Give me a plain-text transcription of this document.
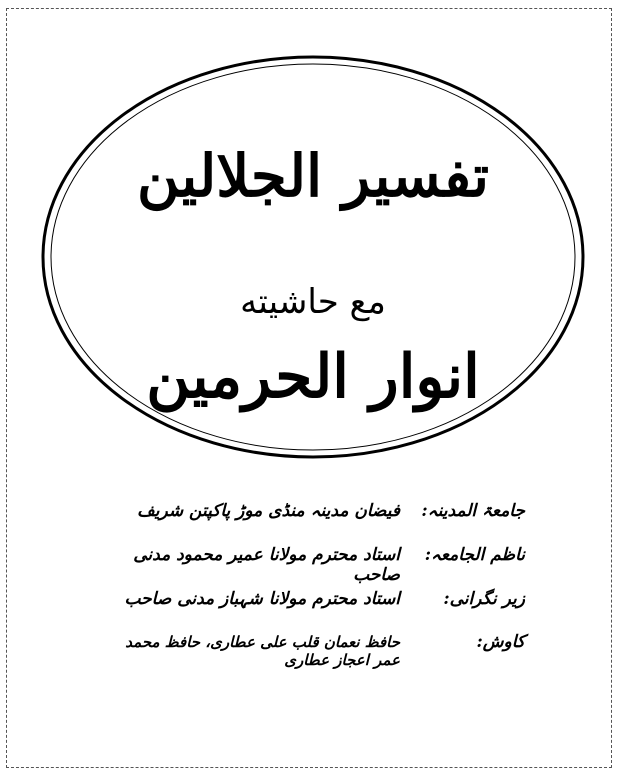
تفسیر الجلالین
مع حاشیته
انوار الحرمین
جامعۃ المدینہ:
فیضان مدینہ منڈی موڑ پاکپتن شریف
ناظم الجامعہ:
استاد محترم مولانا عمیر محمود مدنی صاحب
زیر نگرانی:
استاد محترم مولانا شہباز مدنی صاحب
کاوش:
حافظ نعمان قلب علی عطاری، حافظ محمد عمر اعجاز عطاری
